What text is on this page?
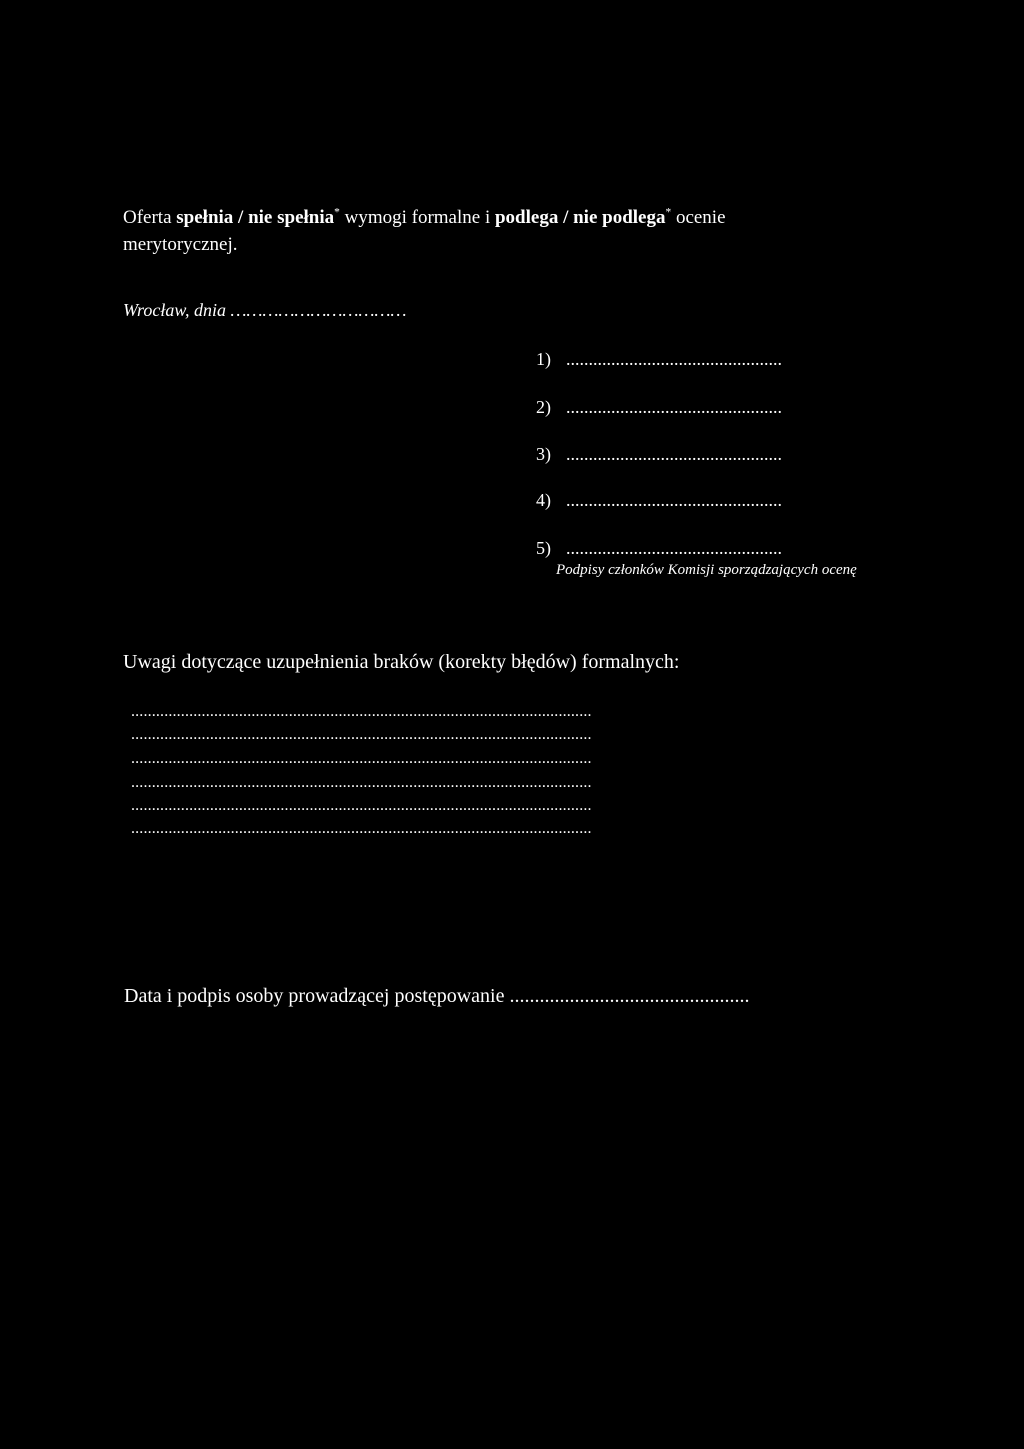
Oferta spełnia / nie spełnia* wymogi formalne i podlega / nie podlega* ocenie
merytorycznej.
Wrocław, dnia ……………………………
1) ................................................
2) ................................................
3) ................................................
4) ................................................
5) ................................................
Podpisy członków Komisji sporządzających ocenę
Uwagi dotyczące uzupełnienia braków (korekty błędów) formalnych:
...............................................................................................................
...............................................................................................................
...............................................................................................................
...............................................................................................................
...............................................................................................................
...............................................................................................................
Data i podpis osoby prowadzącej postępowanie ................................................
